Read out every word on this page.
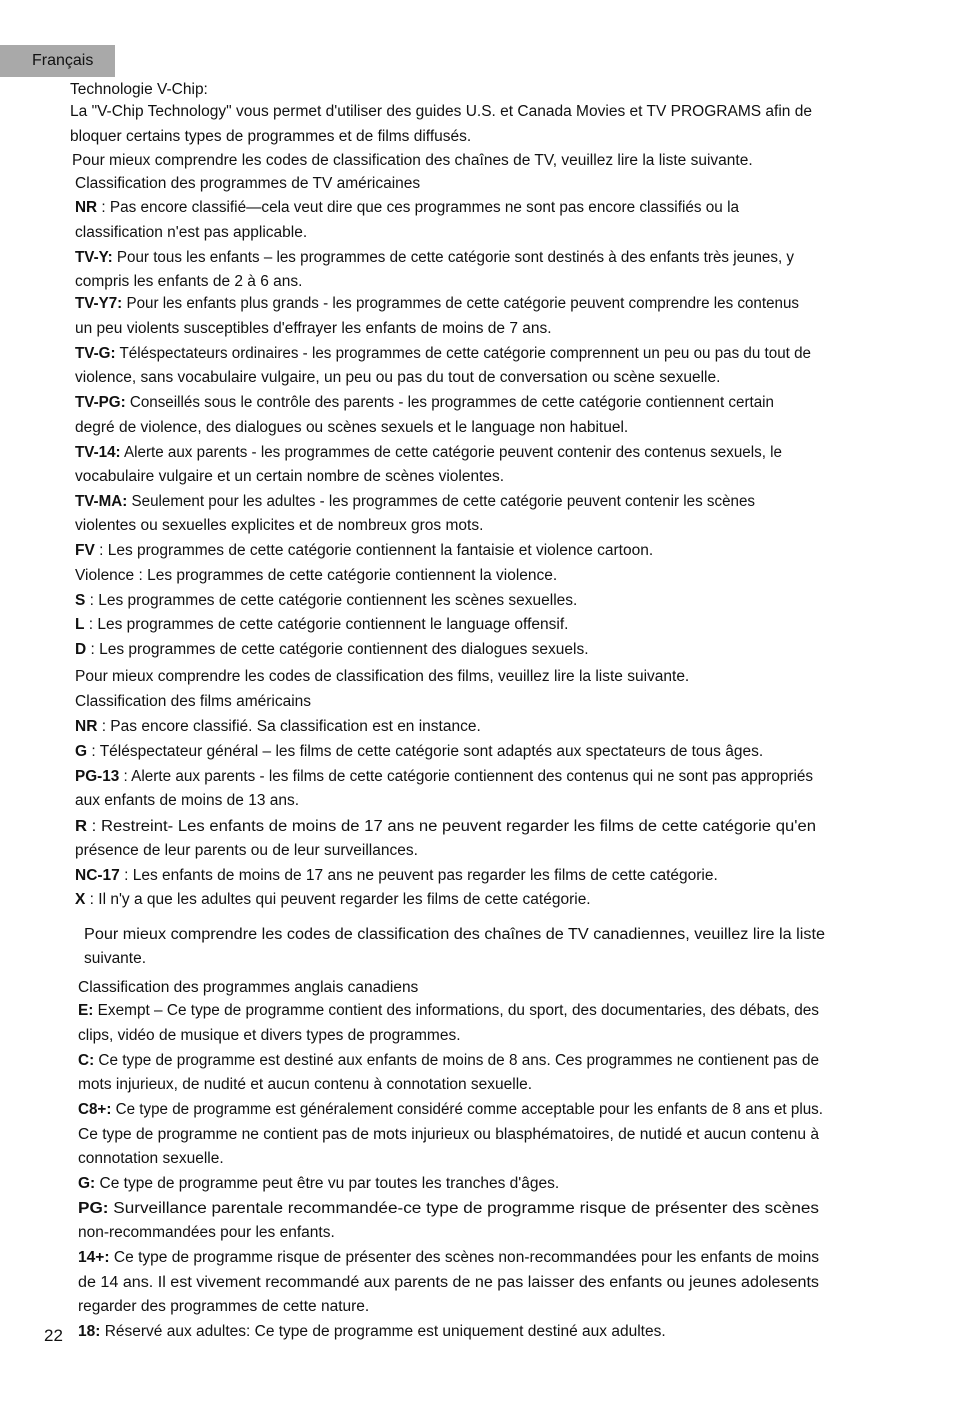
Français
Technologie V-Chip:
La "V-Chip Technology" vous permet d'utiliser des guides U.S. et Canada Movies et TV PROGRAMS afin de
bloquer certains types de programmes et de films diffusés.
Pour mieux comprendre les codes de classification des chaînes de TV, veuillez lire la liste suivante.
Classification des programmes de TV américaines
NR : Pas encore classifié—cela veut dire que ces programmes ne sont pas encore classifiés ou la
classification n'est pas applicable.
TV-Y: Pour tous les enfants – les programmes de cette catégorie sont destinés à des enfants très jeunes, y
compris les enfants de 2 à 6 ans.
TV-Y7: Pour les enfants plus grands - les programmes de cette catégorie peuvent comprendre les contenus
un peu violents susceptibles d'effrayer les enfants de moins de 7 ans.
TV-G: Téléspectateurs ordinaires - les programmes de cette catégorie comprennent un peu ou pas du tout de
violence, sans vocabulaire vulgaire, un peu ou pas du tout de conversation ou scène sexuelle.
TV-PG: Conseillés sous le contrôle des parents - les programmes de cette catégorie contiennent certain
degré de violence, des dialogues ou scènes sexuels et le language non habituel.
TV-14: Alerte aux parents - les programmes de cette catégorie peuvent contenir des contenus sexuels, le
vocabulaire vulgaire et un certain nombre de scènes violentes.
TV-MA: Seulement pour les adultes - les programmes de cette catégorie peuvent contenir les scènes
violentes ou sexuelles explicites et de nombreux gros mots.
FV : Les programmes de cette catégorie contiennent la fantaisie et violence cartoon.
Violence : Les programmes de cette catégorie contiennent la violence.
S : Les programmes de cette catégorie contiennent les scènes sexuelles.
L : Les programmes de cette catégorie contiennent le language offensif.
D : Les programmes de cette catégorie contiennent des dialogues sexuels.
Pour mieux comprendre les codes de classification des films, veuillez lire la liste suivante.
Classification des films américains
NR : Pas encore classifié. Sa classification est en instance.
G : Téléspectateur général – les films de cette catégorie sont adaptés aux spectateurs de tous âges.
PG-13 : Alerte aux parents - les films de cette catégorie contiennent des contenus qui ne sont pas appropriés
aux enfants de moins de 13 ans.
R : Restreint- Les enfants de moins de 17 ans ne peuvent regarder les films de cette catégorie qu'en
présence de leur parents ou de leur surveillances.
NC-17 : Les enfants de moins de 17 ans ne peuvent pas regarder les films de cette catégorie.
X : Il n'y a que les adultes qui peuvent regarder les films de cette catégorie.
Pour mieux comprendre les codes de classification des chaînes de TV canadiennes, veuillez lire la liste
suivante.
Classification des programmes anglais canadiens
E: Exempt – Ce type de programme contient des informations, du sport, des documentaries, des débats, des
clips, vidéo de musique et divers types de programmes.
C: Ce type de programme est destiné aux enfants de moins de 8 ans. Ces programmes ne contienent pas de
mots injurieux, de nudité et aucun contenu à connotation sexuelle.
C8+: Ce type de programme est généralement considéré comme acceptable pour les enfants de 8 ans et plus.
Ce type de programme ne contient pas de mots injurieux ou blasphématoires, de nutidé et aucun contenu à
connotation sexuelle.
G: Ce type de programme peut être vu par toutes les tranches d'âges.
PG: Surveillance parentale recommandée-ce type de programme risque de présenter des scènes
non-recommandées pour les enfants.
14+: Ce type de programme risque de présenter des scènes non-recommandées pour les enfants de moins
de 14 ans. Il est vivement recommandé aux parents de ne pas laisser des enfants ou jeunes adolesents
regarder des programmes de cette nature.
18: Réservé aux adultes: Ce type de programme est uniquement destiné aux adultes.
22
